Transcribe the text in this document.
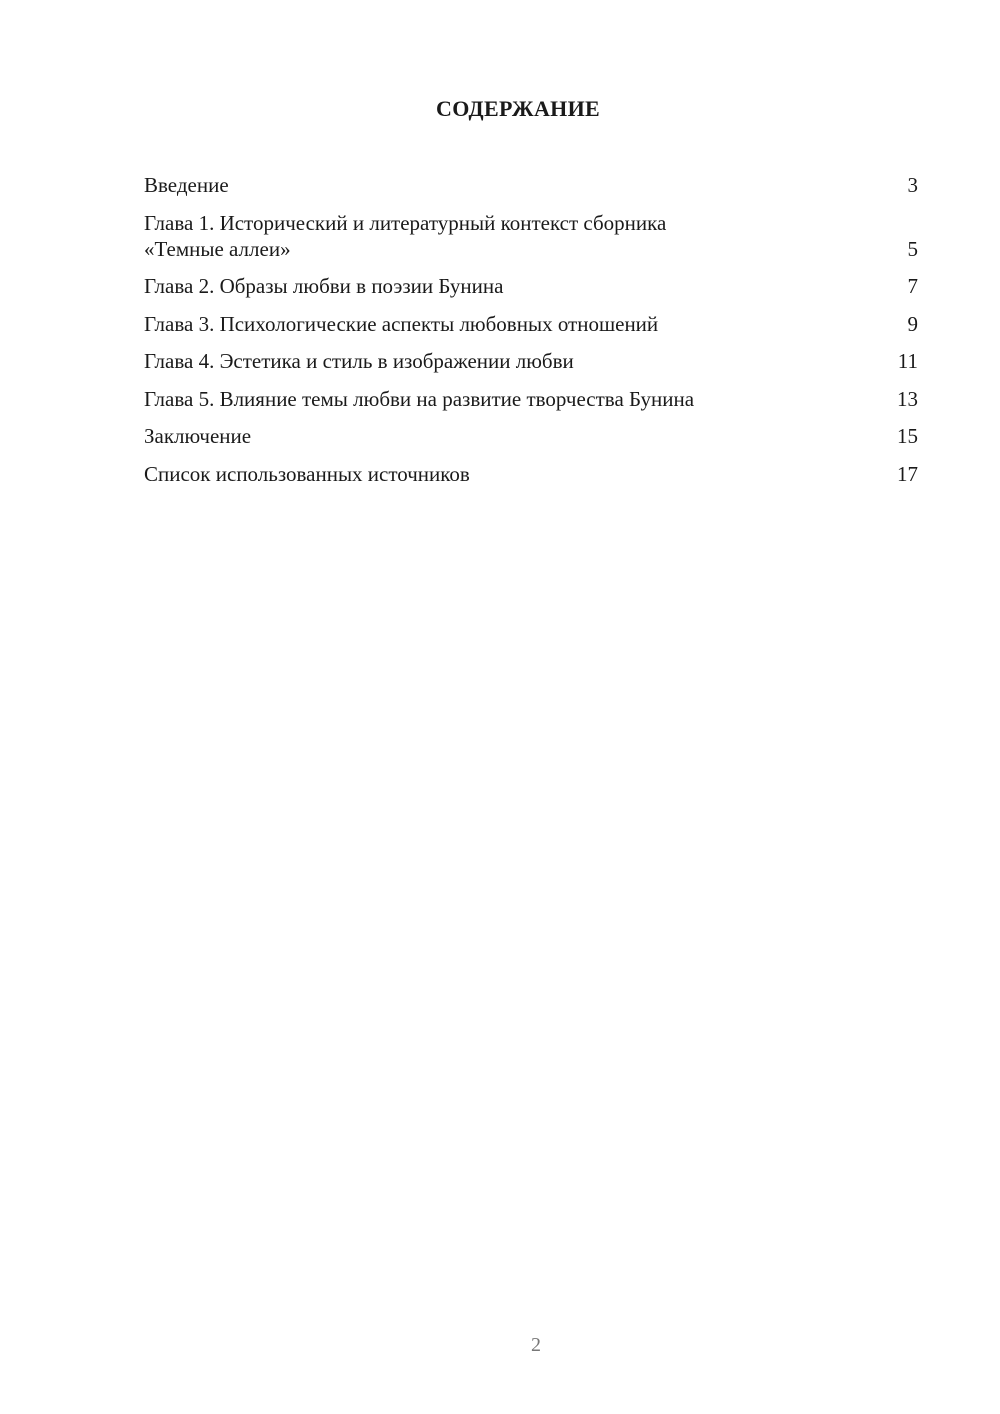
СОДЕРЖАНИЕ
Введение	3
Глава 1. Исторический и литературный контекст сборника
«Темные аллеи»	5
Глава 2. Образы любви в поэзии Бунина	7
Глава 3. Психологические аспекты любовных отношений	9
Глава 4. Эстетика и стиль в изображении любви	11
Глава 5. Влияние темы любви на развитие творчества Бунина	13
Заключение	15
Список использованных источников	17
2
